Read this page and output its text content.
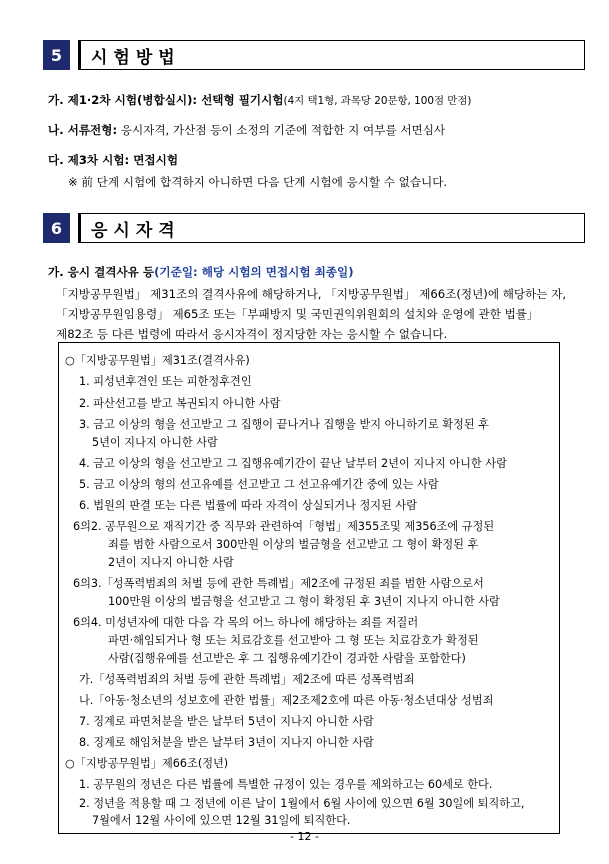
5	시험방법
가. 제1·2차 시험(병합실시): 선택형 필기시험(4지 택1형, 과목당 20문항, 100점 만점)
나. 서류전형: 응시자격, 가산점 등이 소정의 기준에 적합한 지 여부를 서면심사
다. 제3차 시험: 면접시험
※ 前 단계 시험에 합격하지 아니하면 다음 단계 시험에 응시할 수 없습니다.
6	응시자격
가. 응시 결격사유 등(기준일: 해당 시험의 면접시험 최종일)
「지방공무원법」 제31조의 결격사유에 해당하거나, 「지방공무원법」 제66조(정년)에 해당하는 자,
「지방공무원임용령」 제65조 또는「부패방지 및 국민권익위원회의 설치와 운영에 관한 법률」
제82조 등 다른 법령에 따라서 응시자격이 정지당한 자는 응시할 수 없습니다.
○「지방공무원법」제31조(결격사유)
1. 피성년후견인 또는 피한정후견인
2. 파산선고를 받고 복권되지 아니한 사람
3. 금고 이상의 형을 선고받고 그 집행이 끝나거나 집행을 받지 아니하기로 확정된 후
5년이 지나지 아니한 사람
4. 금고 이상의 형을 선고받고 그 집행유예기간이 끝난 날부터 2년이 지나지 아니한 사람
5. 금고 이상의 형의 선고유예를 선고받고 그 선고유예기간 중에 있는 사람
6. 법원의 판결 또는 다른 법률에 따라 자격이 상실되거나 정지된 사람
6의2. 공무원으로 재직기간 중 직무와 관련하여「형법」제355조및 제356조에 규정된
죄를 범한 사람으로서 300만원 이상의 벌금형을 선고받고 그 형이 확정된 후
2년이 지나지 아니한 사람
6의3.「성폭력범죄의 처벌 등에 관한 특례법」제2조에 규정된 죄를 범한 사람으로서
100만원 이상의 벌금형을 선고받고 그 형이 확정된 후 3년이 지나지 아니한 사람
6의4. 미성년자에 대한 다음 각 목의 어느 하나에 해당하는 죄를 저질러
파면·해임되거나 형 또는 치료감호를 선고받아 그 형 또는 치료감호가 확정된
사람(집행유예를 선고받은 후 그 집행유예기간이 경과한 사람을 포함한다)
가.「성폭력범죄의 처벌 등에 관한 특례법」제2조에 따른 성폭력범죄
나.「아동·청소년의 성보호에 관한 법률」제2조제2호에 따른 아동·청소년대상 성범죄
7. 징계로 파면처분을 받은 날부터 5년이 지나지 아니한 사람
8. 징계로 해임처분을 받은 날부터 3년이 지나지 아니한 사람
○「지방공무원법」제66조(정년)
1. 공무원의 정년은 다른 법률에 특별한 규정이 있는 경우를 제외하고는 60세로 한다.
2. 정년을 적용할 때 그 정년에 이른 날이 1월에서 6월 사이에 있으면 6월 30일에 퇴직하고,
7월에서 12월 사이에 있으면 12월 31일에 퇴직한다.
- 12 -
